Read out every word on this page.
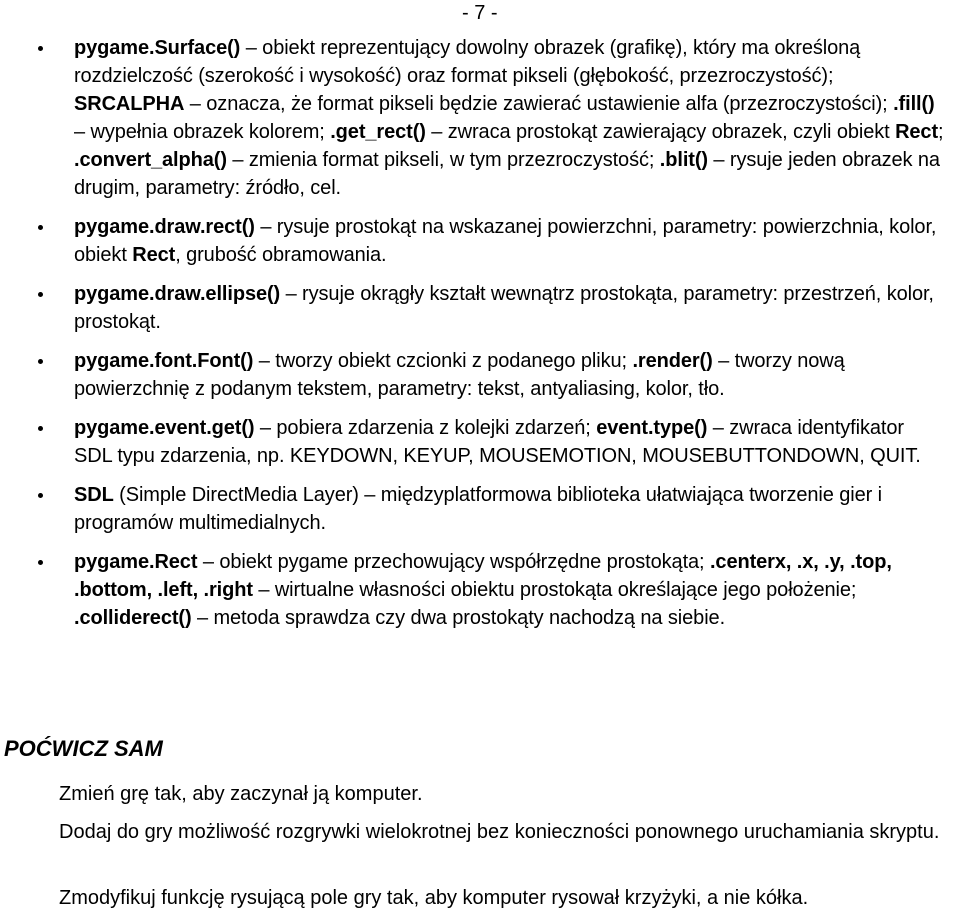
- 7 -
pygame.Surface() – obiekt reprezentujący dowolny obrazek (grafikę), który ma określoną rozdzielczość (szerokość i wysokość) oraz format pikseli (głębokość, przezroczystość); SRCALPHA – oznacza, że format pikseli będzie zawierać ustawienie alfa (przezroczystości); .fill() – wypełnia obrazek kolorem; .get_rect() – zwraca prostokąt zawierający obrazek, czyli obiekt Rect; .convert_alpha() – zmienia format pikseli, w tym przezroczystość; .blit() – rysuje jeden obrazek na drugim, parametry: źródło, cel.
pygame.draw.rect() – rysuje prostokąt na wskazanej powierzchni, parametry: powierzchnia, kolor, obiekt Rect, grubość obramowania.
pygame.draw.ellipse() – rysuje okrągły kształt wewnątrz prostokąta, parametry: przestrzeń, kolor, prostokąt.
pygame.font.Font() – tworzy obiekt czcionki z podanego pliku; .render() – tworzy nową powierzchnię z podanym tekstem, parametry: tekst, antyaliasing, kolor, tło.
pygame.event.get() – pobiera zdarzenia z kolejki zdarzeń; event.type() – zwraca identyfikator SDL typu zdarzenia, np. KEYDOWN, KEYUP, MOUSEMOTION, MOUSEBUTTONDOWN, QUIT.
SDL (Simple DirectMedia Layer) – międzyplatformowa biblioteka ułatwiająca tworzenie gier i programów multimedialnych.
pygame.Rect – obiekt pygame przechowujący współrzędne prostokąta; .centerx, .x, .y, .top, .bottom, .left, .right – wirtualne własności obiektu prostokąta określające jego położenie; .colliderect() – metoda sprawdza czy dwa prostokąty nachodzą na siebie.
POĆWICZ SAM

Zmień grę tak, aby zaczynał ją komputer.

Dodaj do gry możliwość rozgrywki wielokrotnej bez konieczności ponownego uruchamiania skryptu.

Zmodyfikuj funkcję rysującą pole gry tak, aby komputer rysował krzyżyki, a nie kółka.
